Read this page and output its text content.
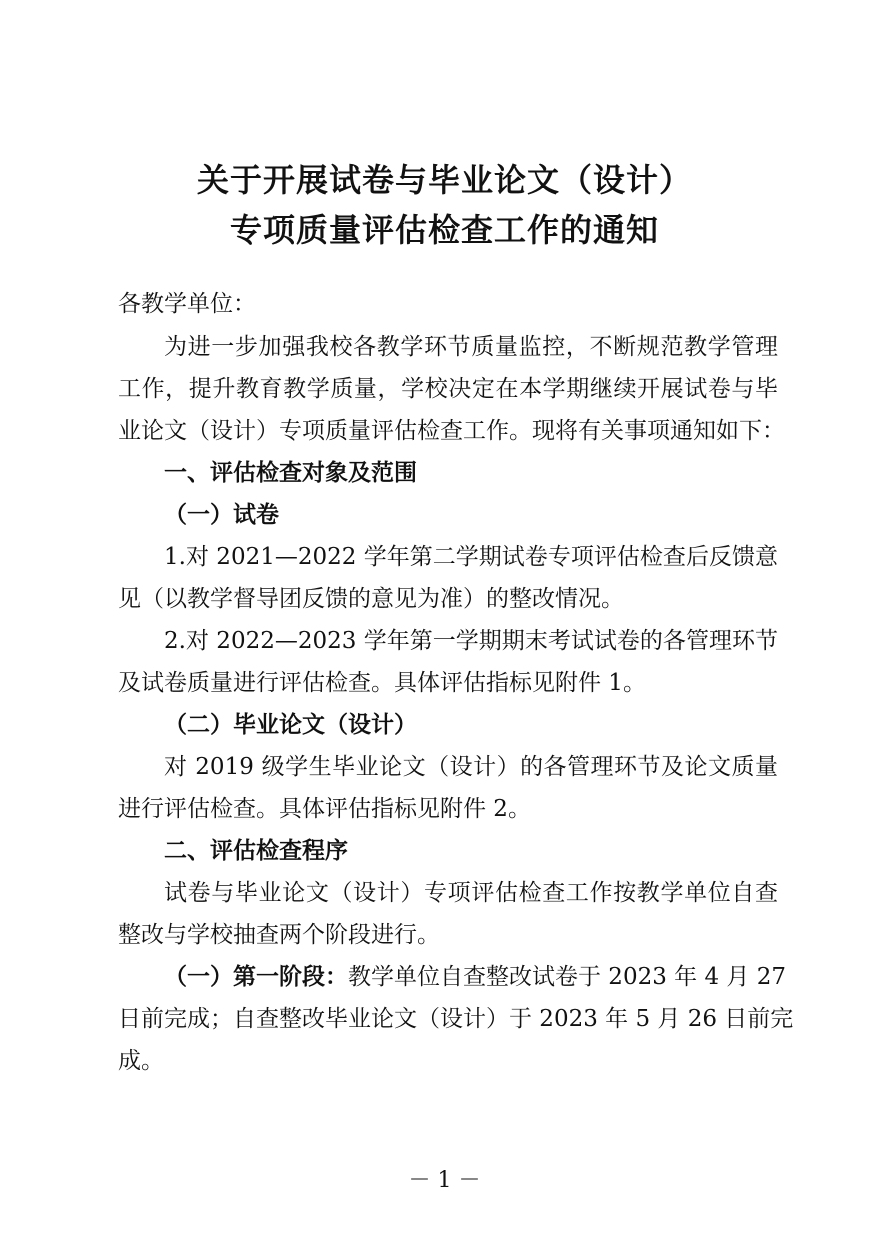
关于开展试卷与毕业论文（设计）
专项质量评估检查工作的通知
各教学单位：
为进一步加强我校各教学环节质量监控，不断规范教学管理
工作，提升教育教学质量，学校决定在本学期继续开展试卷与毕
业论文（设计）专项质量评估检查工作。现将有关事项通知如下：
一、评估检查对象及范围
（一）试卷
1.对 2021—2022 学年第二学期试卷专项评估检查后反馈意
见（以教学督导团反馈的意见为准）的整改情况。
2.对 2022—2023 学年第一学期期末考试试卷的各管理环节
及试卷质量进行评估检查。具体评估指标见附件 1。
（二）毕业论文（设计）
对 2019 级学生毕业论文（设计）的各管理环节及论文质量
进行评估检查。具体评估指标见附件 2。
二、评估检查程序
试卷与毕业论文（设计）专项评估检查工作按教学单位自查
整改与学校抽查两个阶段进行。
（一）第一阶段：教学单位自查整改试卷于 2023 年 4 月 27
日前完成；自查整改毕业论文（设计）于 2023 年 5 月 26 日前完
成。
－ 1 －
